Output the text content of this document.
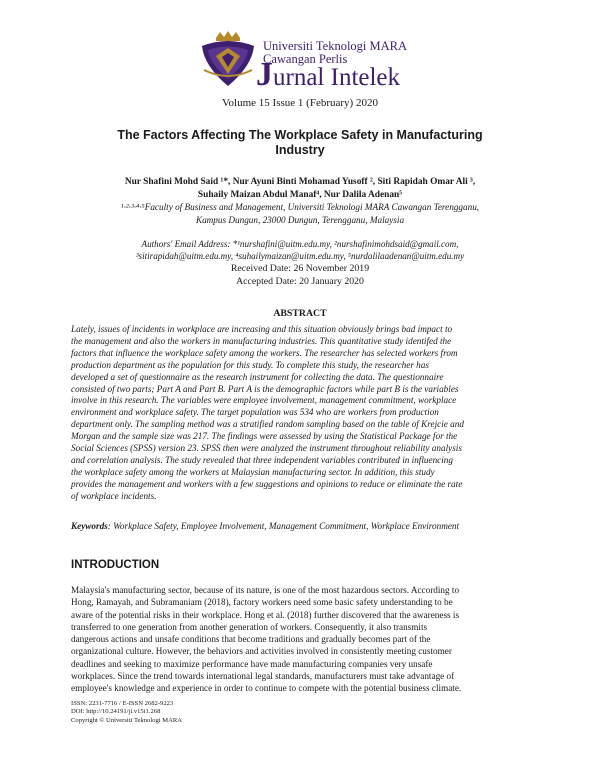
Universiti Teknologi MARA
Cawangan Perlis
Jurnal Intelek
Volume 15 Issue 1 (February) 2020
The Factors Affecting The Workplace Safety in Manufacturing
Industry
Nur Shafini Mohd Said ¹*, Nur Ayuni Binti Mohamad Yusoff ², Siti Rapidah Omar Ali ³,
Suhaily Maizan Abdul Manaf⁴, Nur Dalila Adenan⁵
¹·²·³·⁴·⁵Faculty of Business and Management, Universiti Teknologi MARA Cawangan Terengganu,
Kampus Dungun, 23000 Dungun, Terengganu, Malaysia
Authors' Email Address: *¹nurshafini@uitm.edu.my, ²nurshafinimohdsaid@gmail.com,
³sitirapidah@uitm.edu.my, ⁴suhailymaizan@uitm.edu.my, ⁵nurdalilaadenan@uitm.edu.my
Received Date: 26 November 2019
Accepted Date: 20 January 2020
ABSTRACT
Lately, issues of incidents in workplace are increasing and this situation obviously brings bad impact to
the management and also the workers in manufacturing industries. This quantitative study identifed the
factors that influence the workplace safety among the workers. The researcher has selected workers from
production department as the population for this study. To complete this study, the researcher has
developed a set of questionnaire as the research instrument for collecting the data. The questionnaire
consisted of two parts; Part A and Part B. Part A is the demographic factors while part B is the variables
involve in this research. The variables were employee involvement, management commitment, workplace
environment and workplace safety. The target population was 534 who are workers from production
department only. The sampling method was a stratified random sampling based on the table of Krejcie and
Morgan and the sample size was 217. The findings were assessed by using the Statistical Package for the
Social Sciences (SPSS) version 23. SPSS then were analyzed the instrument throughout reliability analysis
and correlation analysis. The study revealed that three independent variables contributed in influencing
the workplace safety among the workers at Malaysian manufacturing sector. In addition, this study
provides the management and workers with a few suggestions and opinions to reduce or eliminate the rate
of workplace incidents.
Keywords: Workplace Safety, Employee Involvement, Management Commitment, Workplace Environment
INTRODUCTION
Malaysia's manufacturing sector, because of its nature, is one of the most hazardous sectors. According to
Hong, Ramayah, and Subramaniam (2018), factory workers need some basic safety understanding to be
aware of the potential risks in their workplace. Hong et al. (2018) further discovered that the awareness is
transferred to one generation from another generation of workers. Consequently, it also transmits
dangerous actions and unsafe conditions that become traditions and gradually becomes part of the
organizational culture. However, the behaviors and activities involved in consistently meeting customer
deadlines and seeking to maximize performance have made manufacturing companies very unsafe
workplaces. Since the trend towards international legal standards, manufacturers must take advantage of
employee's knowledge and experience in order to continue to compete with the potential business climate.
ISSN: 2231-7716 / E-ISSN 2682-9223
DOI: http://10.24191/ji.v15i1.268
Copyright © Universiti Teknologi MARA
